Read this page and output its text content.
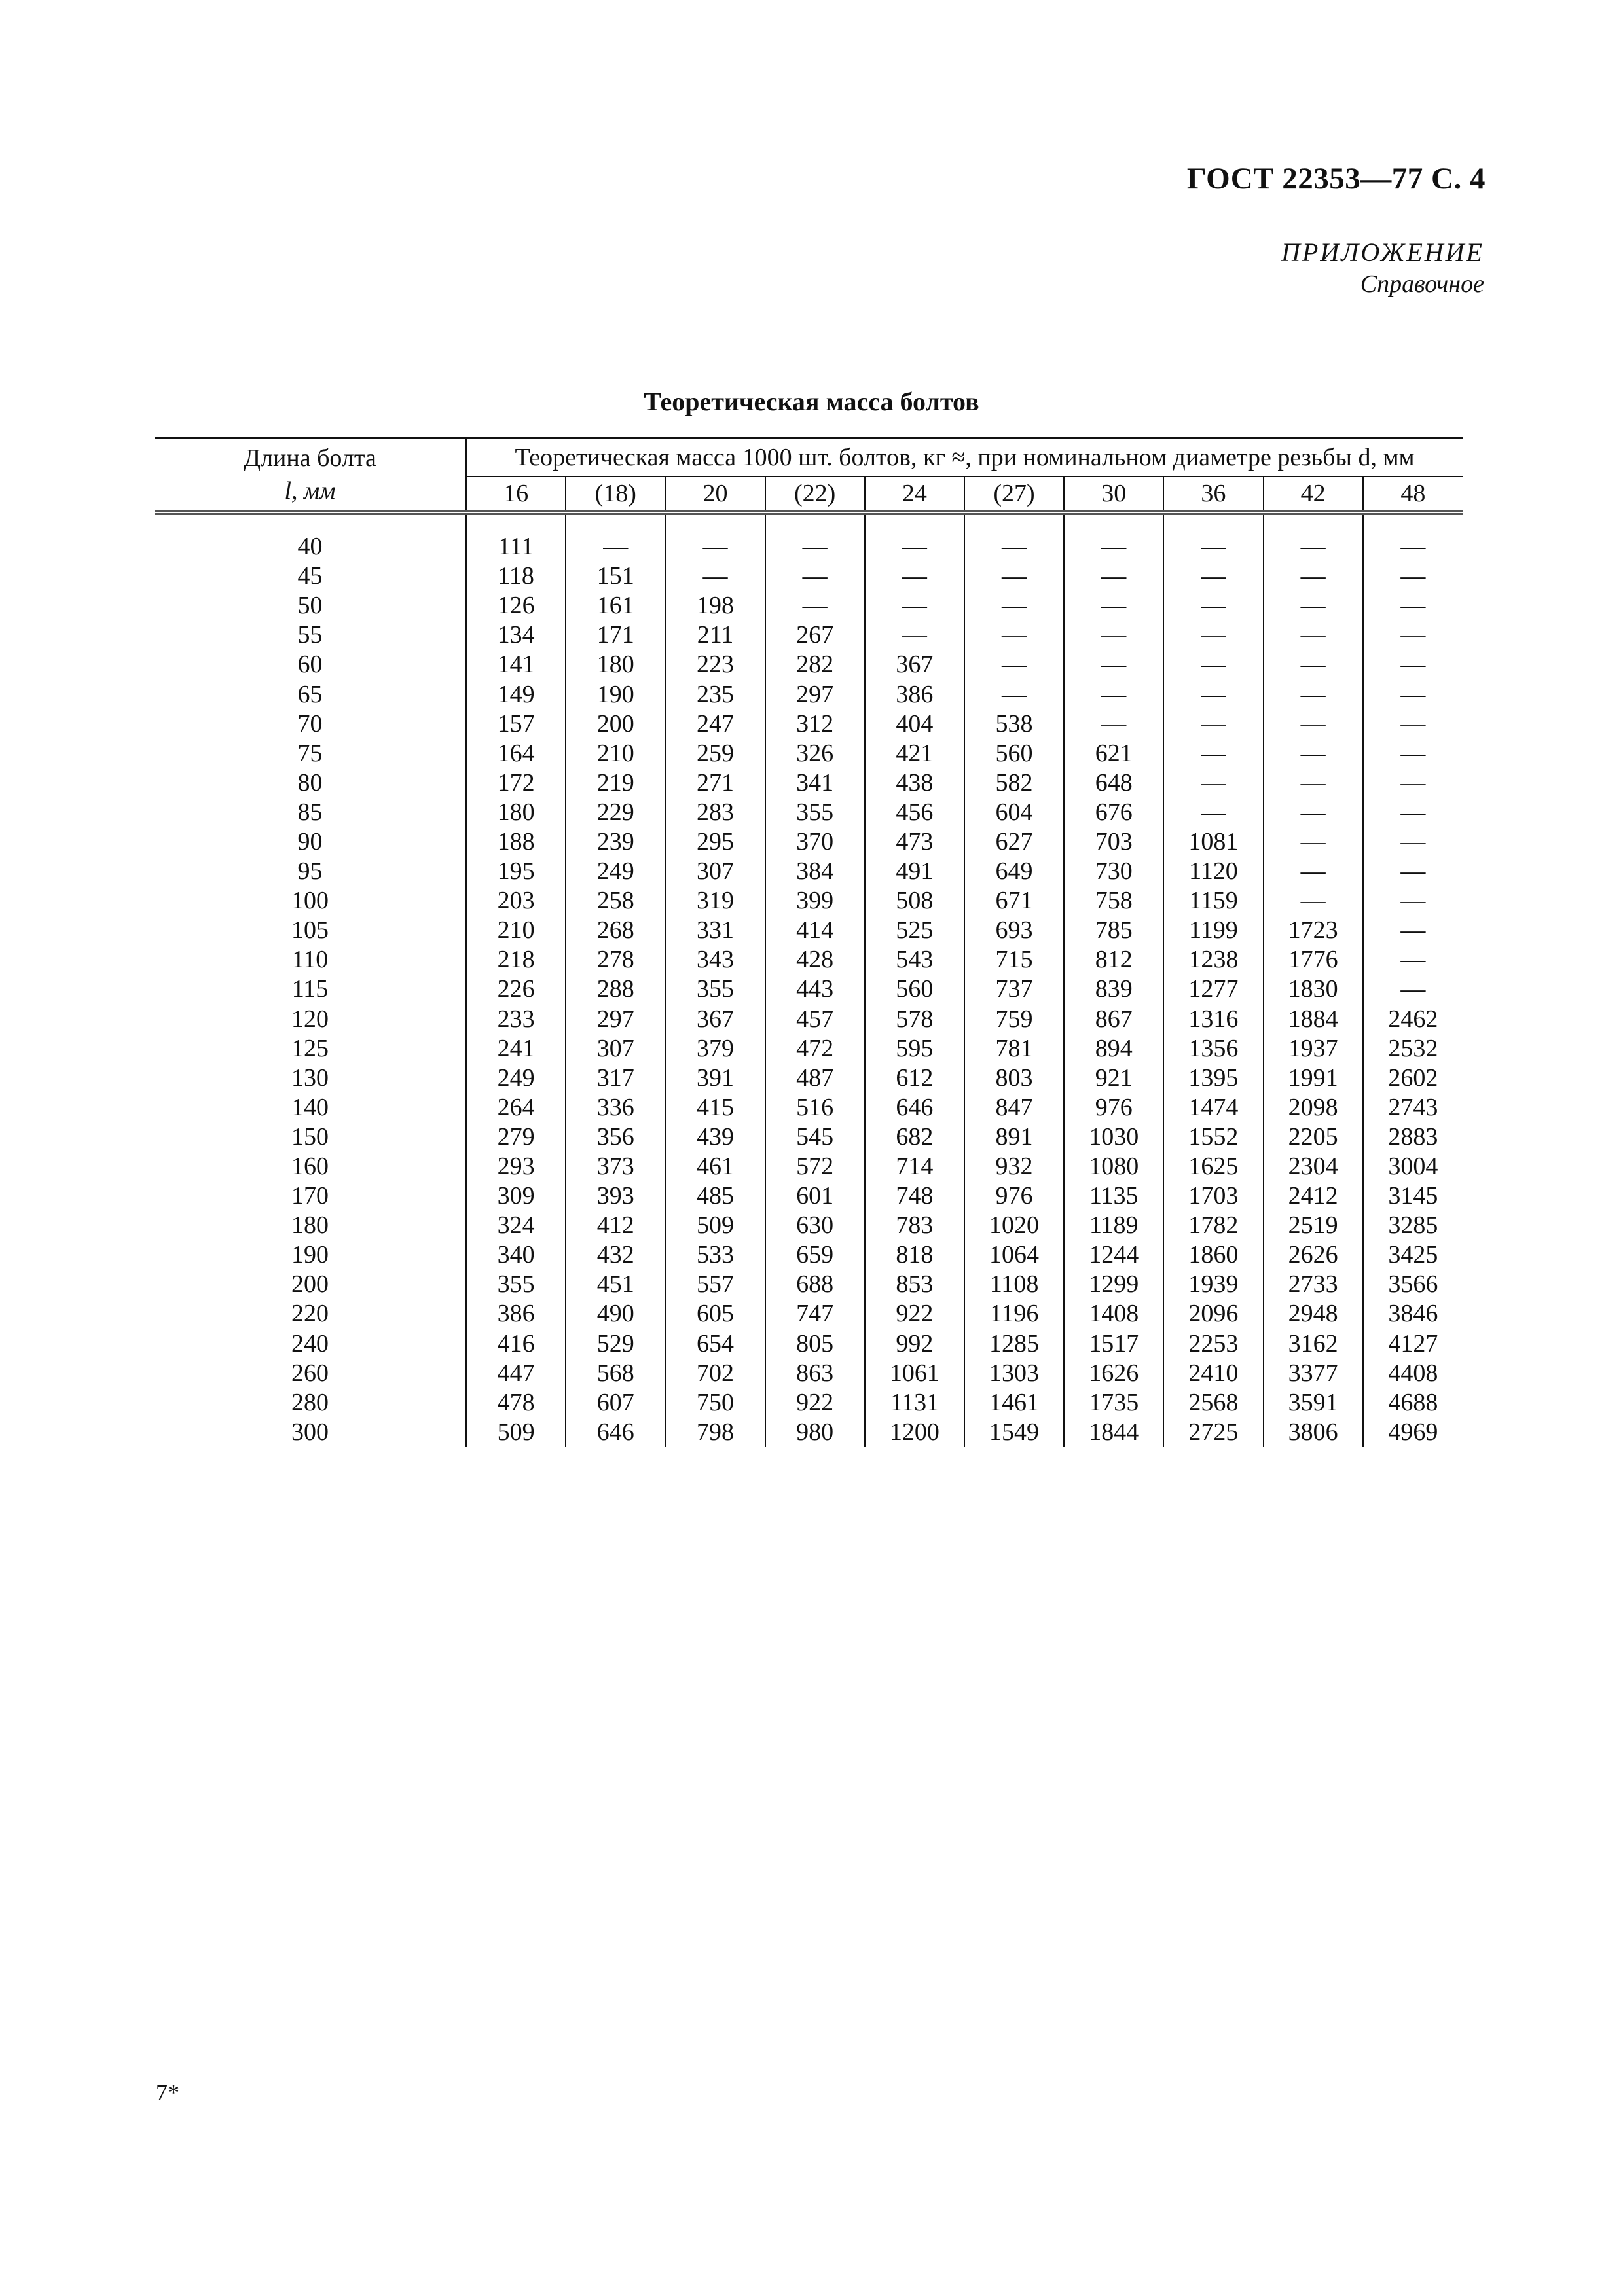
ГОСТ 22353—77 С. 4
ПРИЛОЖЕНИЕ
Справочное
Теоретическая масса болтов
Длина болта
l, мм	Теоретическая масса 1000 шт. болтов, кг ≈, при номинальном диаметре резьбы d, мм									
	16	(18)	20	(22)	24	(27)	30	36	42	48
40	111	—	—	—	—	—	—	—	—	—
45	118	151	—	—	—	—	—	—	—	—
50	126	161	198	—	—	—	—	—	—	—
55	134	171	211	267	—	—	—	—	—	—
60	141	180	223	282	367	—	—	—	—	—
65	149	190	235	297	386	—	—	—	—	—
70	157	200	247	312	404	538	—	—	—	—
75	164	210	259	326	421	560	621	—	—	—
80	172	219	271	341	438	582	648	—	—	—
85	180	229	283	355	456	604	676	—	—	—
90	188	239	295	370	473	627	703	1081	—	—
95	195	249	307	384	491	649	730	1120	—	—
100	203	258	319	399	508	671	758	1159	—	—
105	210	268	331	414	525	693	785	1199	1723	—
110	218	278	343	428	543	715	812	1238	1776	—
115	226	288	355	443	560	737	839	1277	1830	—
120	233	297	367	457	578	759	867	1316	1884	2462
125	241	307	379	472	595	781	894	1356	1937	2532
130	249	317	391	487	612	803	921	1395	1991	2602
140	264	336	415	516	646	847	976	1474	2098	2743
150	279	356	439	545	682	891	1030	1552	2205	2883
160	293	373	461	572	714	932	1080	1625	2304	3004
170	309	393	485	601	748	976	1135	1703	2412	3145
180	324	412	509	630	783	1020	1189	1782	2519	3285
190	340	432	533	659	818	1064	1244	1860	2626	3425
200	355	451	557	688	853	1108	1299	1939	2733	3566
220	386	490	605	747	922	1196	1408	2096	2948	3846
240	416	529	654	805	992	1285	1517	2253	3162	4127
260	447	568	702	863	1061	1303	1626	2410	3377	4408
280	478	607	750	922	1131	1461	1735	2568	3591	4688
300	509	646	798	980	1200	1549	1844	2725	3806	4969
7*
